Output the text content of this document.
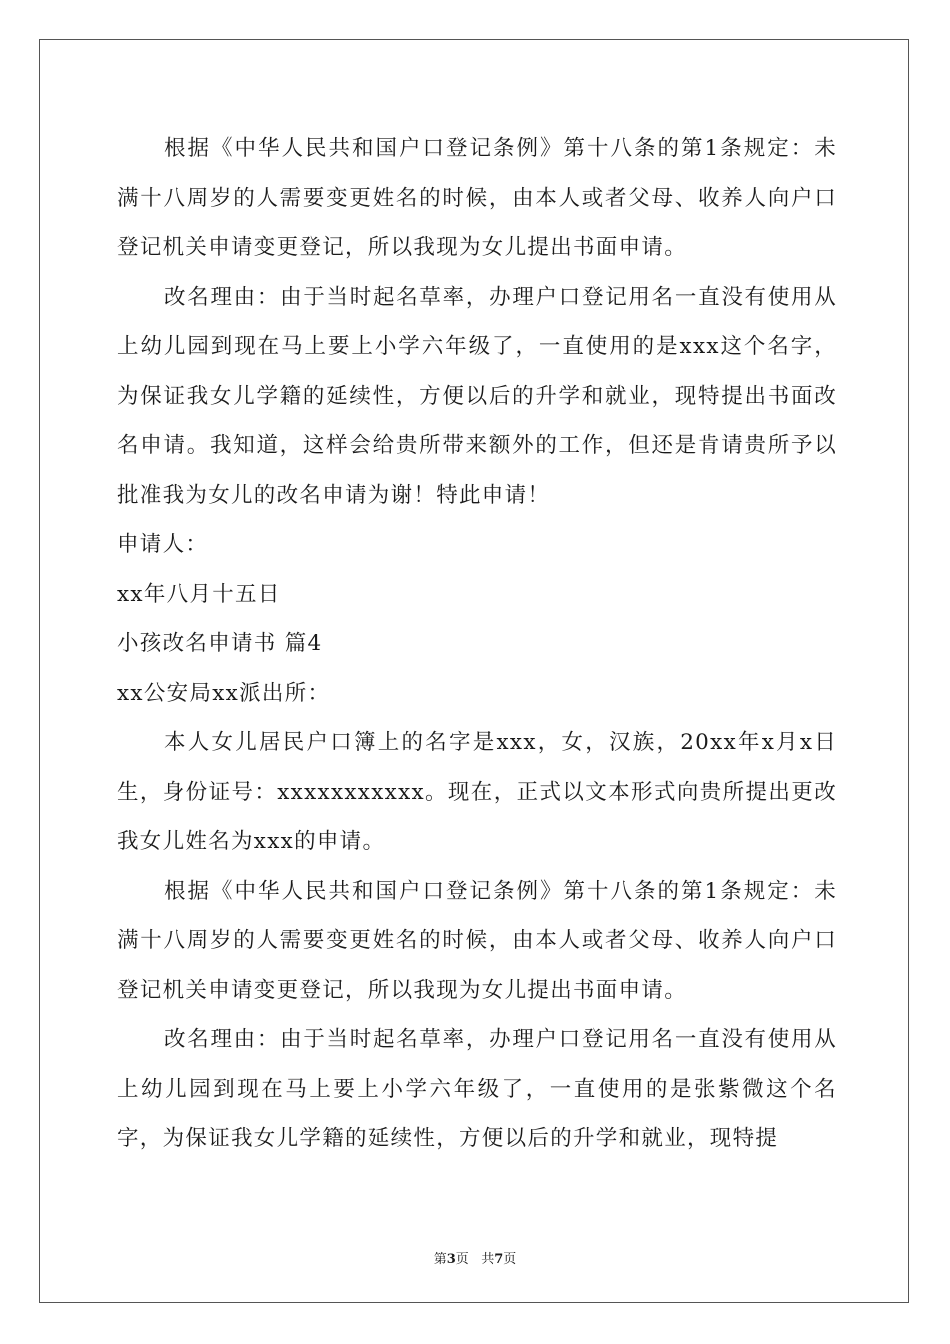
根据《中华人民共和国户口登记条例》第十八条的第1条规定：未满十八周岁的人需要变更姓名的时候，由本人或者父母、收养人向户口登记机关申请变更登记，所以我现为女儿提出书面申请。

改名理由：由于当时起名草率，办理户口登记用名一直没有使用从上幼儿园到现在马上要上小学六年级了，一直使用的是xxx这个名字，为保证我女儿学籍的延续性，方便以后的升学和就业，现特提出书面改名申请。我知道，这样会给贵所带来额外的工作，但还是肯请贵所予以批准我为女儿的改名申请为谢！特此申请！

申请人：

xx年八月十五日

小孩改名申请书 篇4

xx公安局xx派出所：

本人女儿居民户口簿上的名字是xxx，女，汉族，20xx年x月x日生，身份证号：xxxxxxxxxxx。现在，正式以文本形式向贵所提出更改我女儿姓名为xxx的申请。

根据《中华人民共和国户口登记条例》第十八条的第1条规定：未满十八周岁的人需要变更姓名的时候，由本人或者父母、收养人向户口登记机关申请变更登记，所以我现为女儿提出书面申请。

改名理由：由于当时起名草率，办理户口登记用名一直没有使用从上幼儿园到现在马上要上小学六年级了，一直使用的是张紫微这个名字，为保证我女儿学籍的延续性，方便以后的升学和就业，现特提

第3页   共7页
